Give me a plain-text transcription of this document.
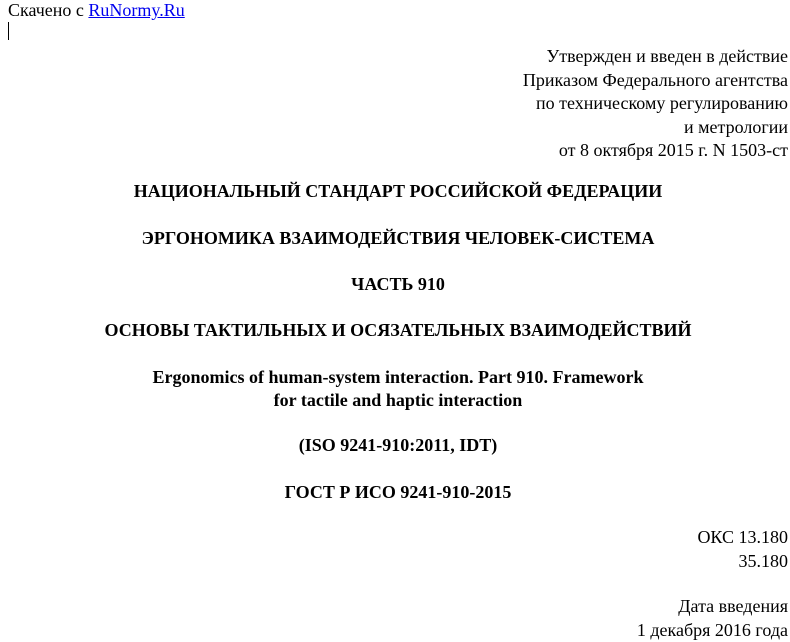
Скачено с RuNormy.Ru
Утвержден и введен в действие
Приказом Федерального агентства
по техническому регулированию
и метрологии
от 8 октября 2015 г. N 1503-ст
НАЦИОНАЛЬНЫЙ СТАНДАРТ РОССИЙСКОЙ ФЕДЕРАЦИИ
ЭРГОНОМИКА ВЗАИМОДЕЙСТВИЯ ЧЕЛОВЕК-СИСТЕМА
ЧАСТЬ 910
ОСНОВЫ ТАКТИЛЬНЫХ И ОСЯЗАТЕЛЬНЫХ ВЗАИМОДЕЙСТВИЙ
Ergonomics of human-system interaction. Part 910. Framework
for tactile and haptic interaction
(ISO 9241-910:2011, IDT)
ГОСТ Р ИСО 9241-910-2015
ОКС 13.180
35.180
Дата введения
1 декабря 2016 года
